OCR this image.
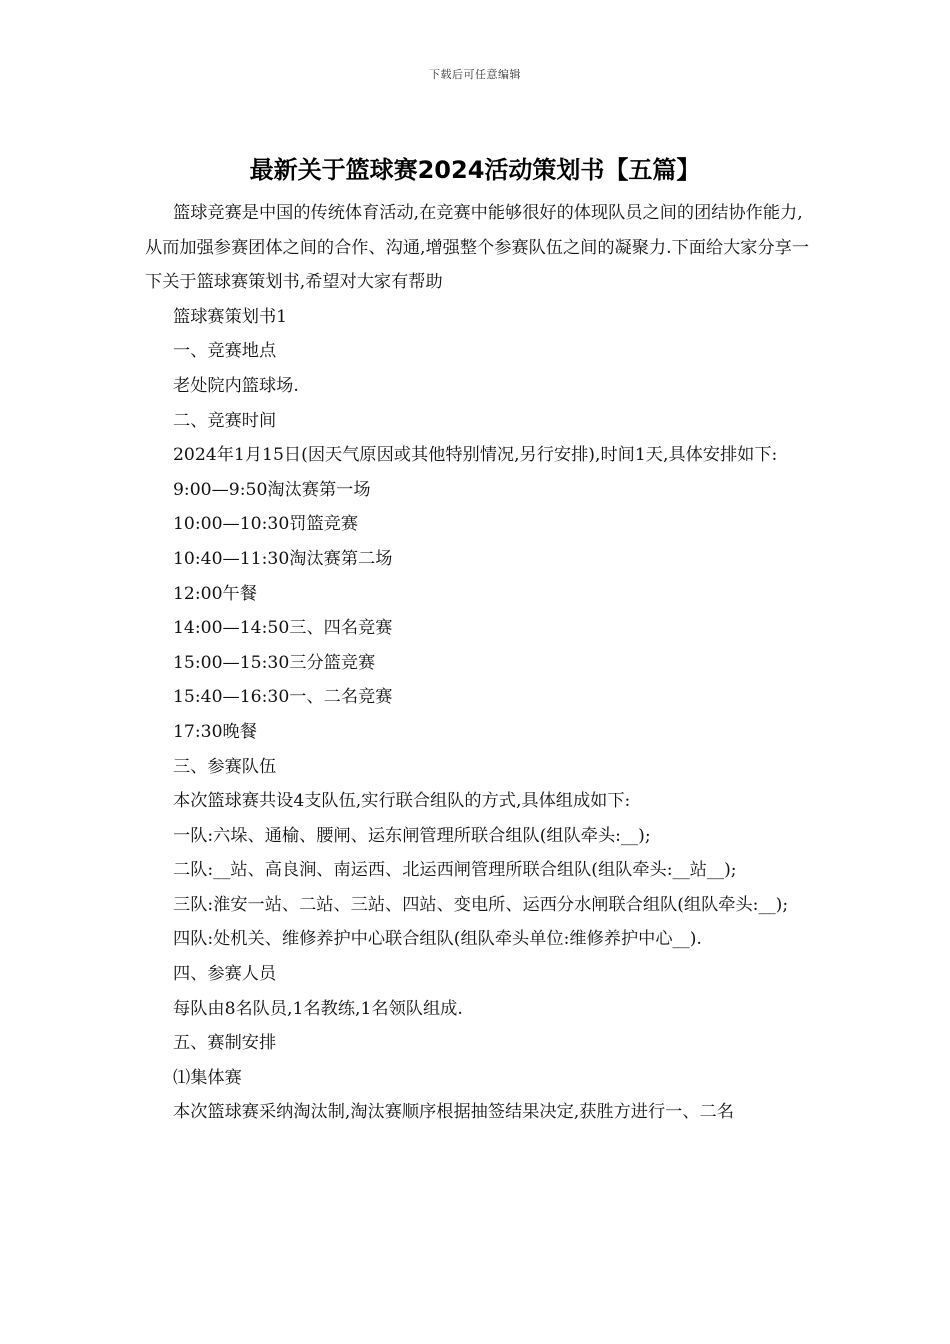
下载后可任意编辑
最新关于篮球赛2024活动策划书【五篇】

篮球竞赛是中国的传统体育活动,在竞赛中能够很好的体现队员之间的团结协作能力,从而加强参赛团体之间的合作、沟通,增强整个参赛队伍之间的凝聚力.下面给大家分享一下关于篮球赛策划书,希望对大家有帮助

篮球赛策划书1

一、竞赛地点

老处院内篮球场.

二、竞赛时间

2024年1月15日(因天气原因或其他特别情况,另行安排),时间1天,具体安排如下:

9:00—9:50淘汰赛第一场

10:00—10:30罚篮竞赛

10:40—11:30淘汰赛第二场

12:00午餐

14:00—14:50三、四名竞赛

15:00—15:30三分篮竞赛

15:40—16:30一、二名竞赛

17:30晚餐

三、参赛队伍

本次篮球赛共设4支队伍,实行联合组队的方式,具体组成如下:

一队:六垛、通榆、腰闸、运东闸管理所联合组队(组队牵头:__);

二队:__站、高良涧、南运西、北运西闸管理所联合组队(组队牵头:__站__);

三队:淮安一站、二站、三站、四站、变电所、运西分水闸联合组队(组队牵头:__);

四队:处机关、维修养护中心联合组队(组队牵头单位:维修养护中心__).

四、参赛人员

每队由8名队员,1名教练,1名领队组成.

五、赛制安排

⑴集体赛

本次篮球赛采纳淘汰制,淘汰赛顺序根据抽签结果决定,获胜方进行一、二名
